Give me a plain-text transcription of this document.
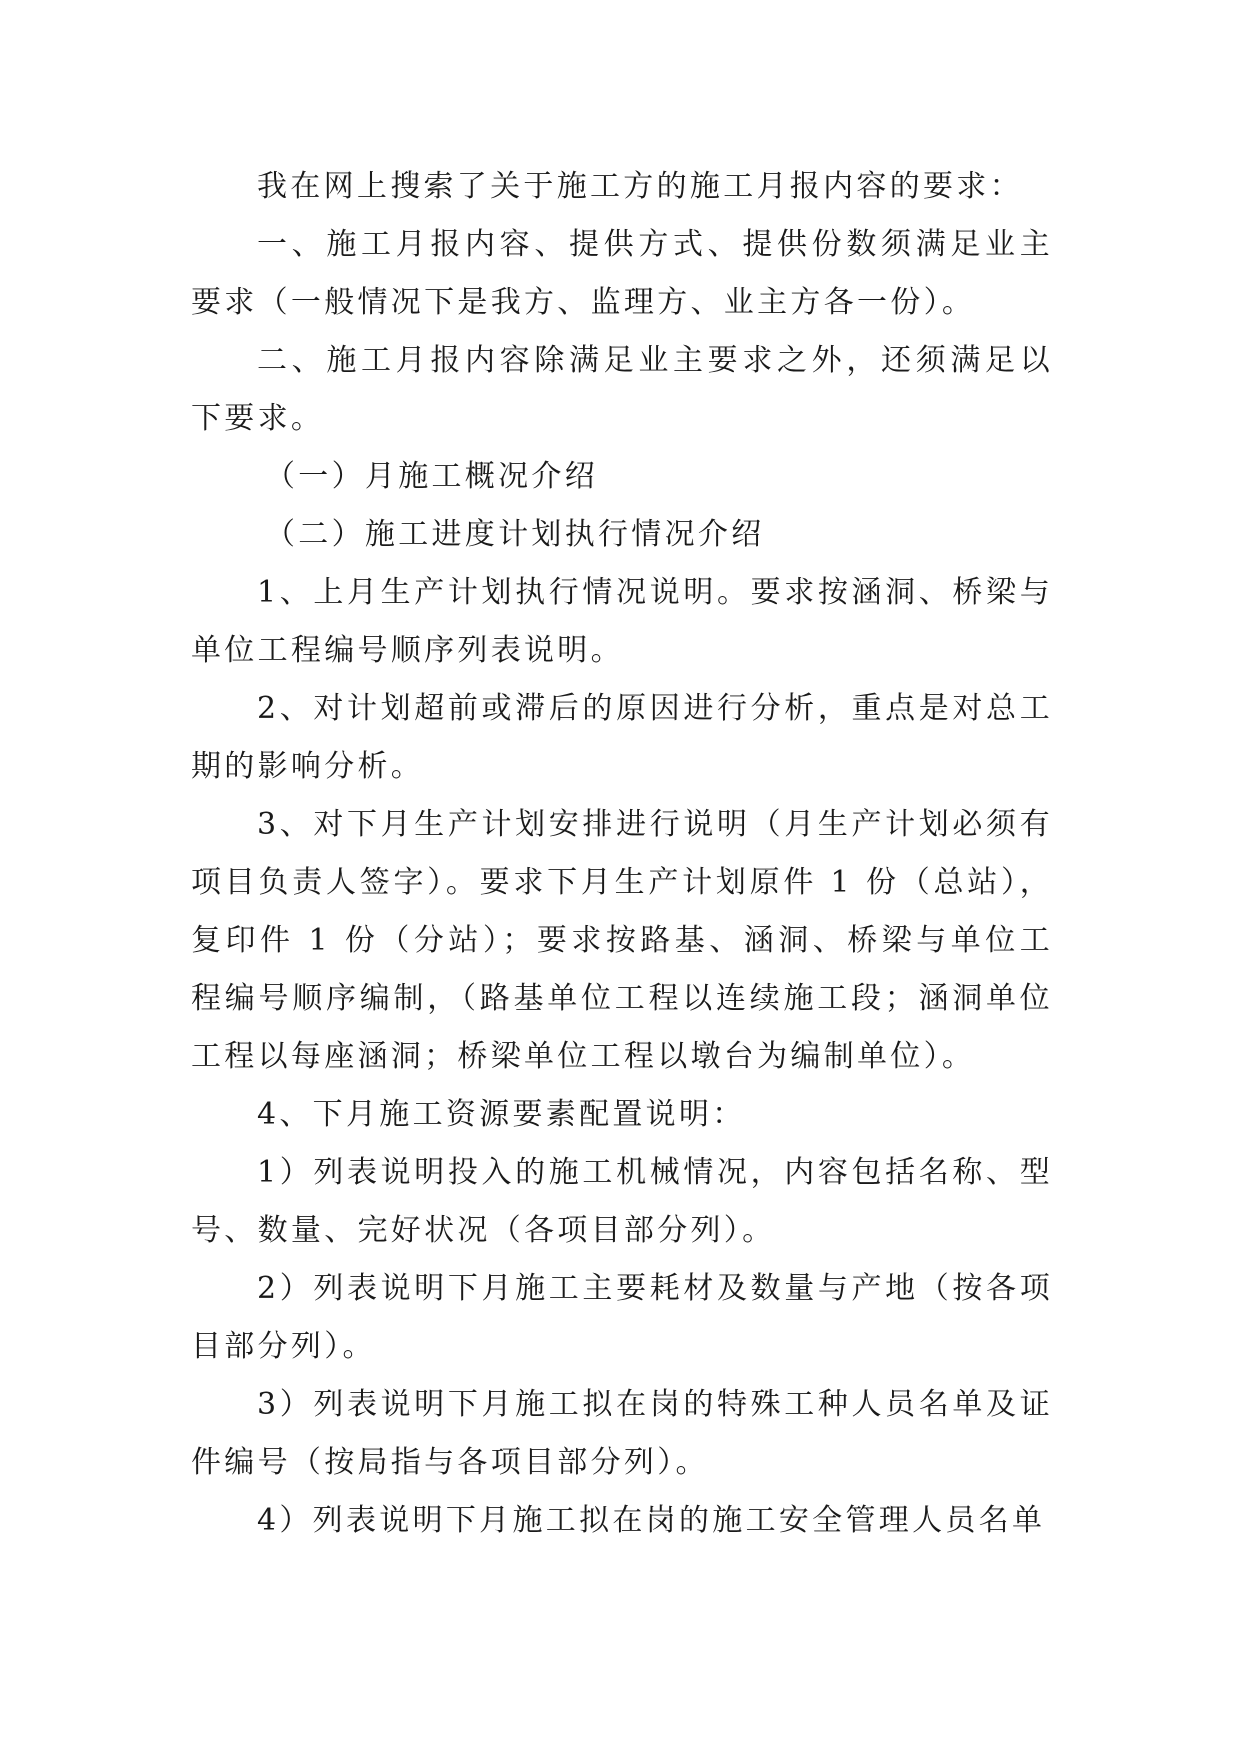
我在网上搜索了关于施工方的施工月报内容的要求：

一、施工月报内容、提供方式、提供份数须满足业主要求（一般情况下是我方、监理方、业主方各一份）。

二、施工月报内容除满足业主要求之外，还须满足以下要求。

（一）月施工概况介绍

（二）施工进度计划执行情况介绍

1、上月生产计划执行情况说明。要求按涵洞、桥梁与单位工程编号顺序列表说明。

2、对计划超前或滞后的原因进行分析，重点是对总工期的影响分析。

3、对下月生产计划安排进行说明（月生产计划必须有项目负责人签字）。要求下月生产计划原件 1 份（总站），复印件 1 份（分站）；要求按路基、涵洞、桥梁与单位工程编号顺序编制，（路基单位工程以连续施工段；涵洞单位工程以每座涵洞；桥梁单位工程以墩台为编制单位）。

4、下月施工资源要素配置说明：

1）列表说明投入的施工机械情况，内容包括名称、型号、数量、完好状况（各项目部分列）。

2）列表说明下月施工主要耗材及数量与产地（按各项目部分列）。

3）列表说明下月施工拟在岗的特殊工种人员名单及证件编号（按局指与各项目部分列）。

4）列表说明下月施工拟在岗的施工安全管理人员名单
